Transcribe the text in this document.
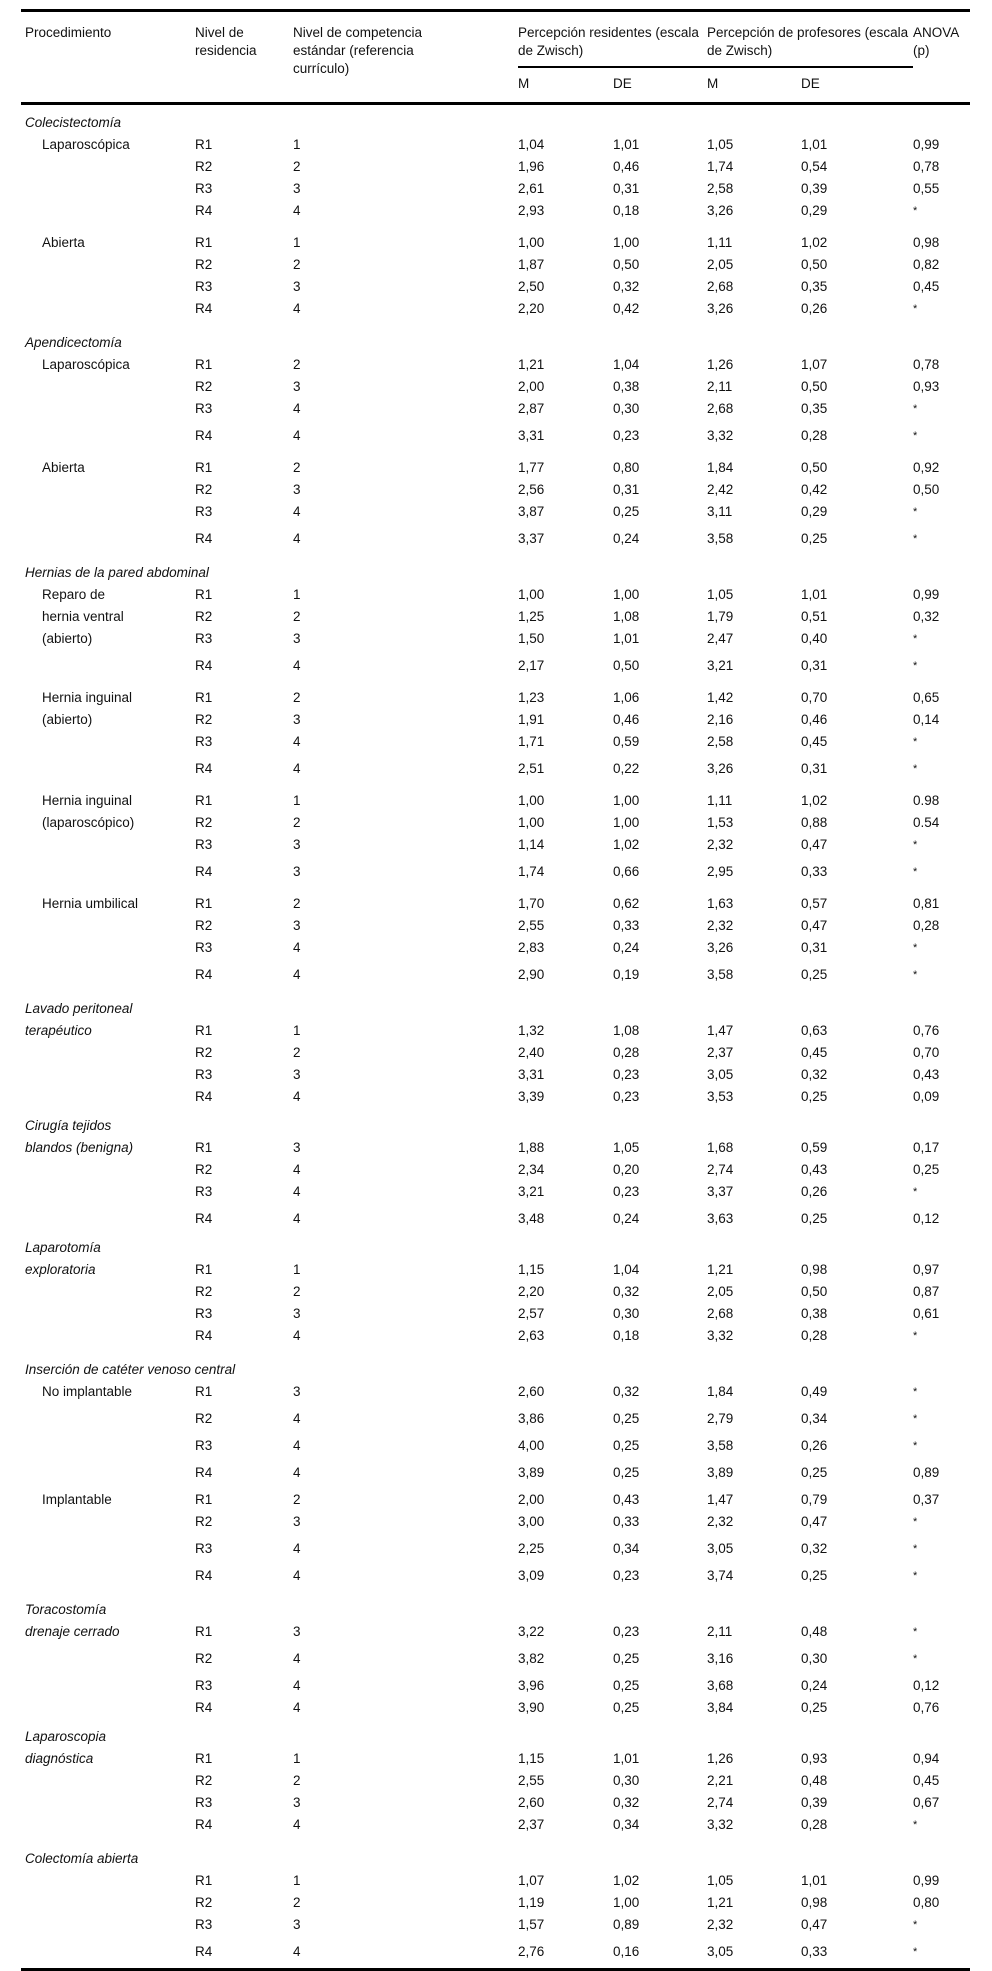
Procedimiento	Nivel de residencia	Nivel de competencia estándar (referencia currículo)	Percepción residentes (escala de Zwisch)		Percepción de profesores (escala de Zwisch)		ANOVA (p)
			M	DE	M	DE	
Colecistectomía							
Laparoscópica	R1	1	1,04	1,01	1,05	1,01	0,99
	R2	2	1,96	0,46	1,74	0,54	0,78
	R3	3	2,61	0,31	2,58	0,39	0,55
	R4	4	2,93	0,18	3,26	0,29	*
Abierta	R1	1	1,00	1,00	1,11	1,02	0,98
	R2	2	1,87	0,50	2,05	0,50	0,82
	R3	3	2,50	0,32	2,68	0,35	0,45
	R4	4	2,20	0,42	3,26	0,26	*
Apendicectomía							
Laparoscópica	R1	2	1,21	1,04	1,26	1,07	0,78
	R2	3	2,00	0,38	2,11	0,50	0,93
	R3	4	2,87	0,30	2,68	0,35	*
	R4	4	3,31	0,23	3,32	0,28	*
Abierta	R1	2	1,77	0,80	1,84	0,50	0,92
	R2	3	2,56	0,31	2,42	0,42	0,50
	R3	4	3,87	0,25	3,11	0,29	*
	R4	4	3,37	0,24	3,58	0,25	*
Hernias de la pared abdominal							
Reparo de	R1	1	1,00	1,00	1,05	1,01	0,99
hernia ventral	R2	2	1,25	1,08	1,79	0,51	0,32
(abierto)	R3	3	1,50	1,01	2,47	0,40	*
	R4	4	2,17	0,50	3,21	0,31	*
Hernia inguinal	R1	2	1,23	1,06	1,42	0,70	0,65
(abierto)	R2	3	1,91	0,46	2,16	0,46	0,14
	R3	4	1,71	0,59	2,58	0,45	*
	R4	4	2,51	0,22	3,26	0,31	*
Hernia inguinal	R1	1	1,00	1,00	1,11	1,02	0.98
(laparoscópico)	R2	2	1,00	1,00	1,53	0,88	0.54
	R3	3	1,14	1,02	2,32	0,47	*
	R4	3	1,74	0,66	2,95	0,33	*
Hernia umbilical	R1	2	1,70	0,62	1,63	0,57	0,81
	R2	3	2,55	0,33	2,32	0,47	0,28
	R3	4	2,83	0,24	3,26	0,31	*
	R4	4	2,90	0,19	3,58	0,25	*
Lavado peritoneal							
terapéutico	R1	1	1,32	1,08	1,47	0,63	0,76
	R2	2	2,40	0,28	2,37	0,45	0,70
	R3	3	3,31	0,23	3,05	0,32	0,43
	R4	4	3,39	0,23	3,53	0,25	0,09
Cirugía tejidos							
blandos (benigna)	R1	3	1,88	1,05	1,68	0,59	0,17
	R2	4	2,34	0,20	2,74	0,43	0,25
	R3	4	3,21	0,23	3,37	0,26	*
	R4	4	3,48	0,24	3,63	0,25	0,12
Laparotomía							
exploratoria	R1	1	1,15	1,04	1,21	0,98	0,97
	R2	2	2,20	0,32	2,05	0,50	0,87
	R3	3	2,57	0,30	2,68	0,38	0,61
	R4	4	2,63	0,18	3,32	0,28	*
Inserción de catéter venoso central							
No implantable	R1	3	2,60	0,32	1,84	0,49	*
	R2	4	3,86	0,25	2,79	0,34	*
	R3	4	4,00	0,25	3,58	0,26	*
	R4	4	3,89	0,25	3,89	0,25	0,89
Implantable	R1	2	2,00	0,43	1,47	0,79	0,37
	R2	3	3,00	0,33	2,32	0,47	*
	R3	4	2,25	0,34	3,05	0,32	*
	R4	4	3,09	0,23	3,74	0,25	*
Toracostomía							
drenaje cerrado	R1	3	3,22	0,23	2,11	0,48	*
	R2	4	3,82	0,25	3,16	0,30	*
	R3	4	3,96	0,25	3,68	0,24	0,12
	R4	4	3,90	0,25	3,84	0,25	0,76
Laparoscopia							
diagnóstica	R1	1	1,15	1,01	1,26	0,93	0,94
	R2	2	2,55	0,30	2,21	0,48	0,45
	R3	3	2,60	0,32	2,74	0,39	0,67
	R4	4	2,37	0,34	3,32	0,28	*
Colectomía abierta							
	R1	1	1,07	1,02	1,05	1,01	0,99
	R2	2	1,19	1,00	1,21	0,98	0,80
	R3	3	1,57	0,89	2,32	0,47	*
	R4	4	2,76	0,16	3,05	0,33	*
